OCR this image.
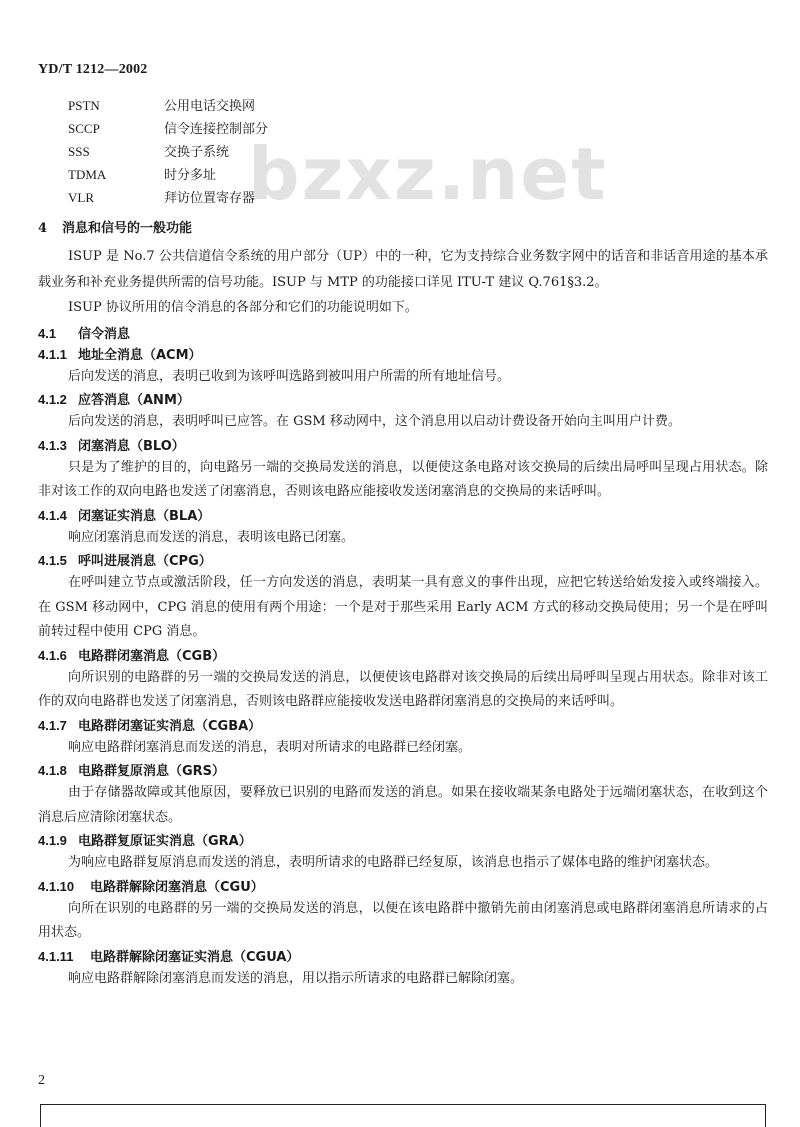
YD/T 1212—2002
PSTN	公用电话交换网
SCCP	信令连接控制部分
SSS	交换子系统
TDMA	时分多址
VLR	拜访位置寄存器
bzxz.net
4 消息和信号的一般功能
ISUP 是 No.7 公共信道信令系统的用户部分（UP）中的一种，它为支持综合业务数字网中的话音和非话音用途的基本承载业务和补充业务提供所需的信号功能。ISUP 与 MTP 的功能接口详见 ITU-T 建议 Q.761§3.2。
ISUP 协议所用的信令消息的各部分和它们的功能说明如下。
4.1 信令消息
4.1.1 地址全消息（ACM）
后向发送的消息，表明已收到为该呼叫选路到被叫用户所需的所有地址信号。
4.1.2 应答消息（ANM）
后向发送的消息，表明呼叫已应答。在 GSM 移动网中，这个消息用以启动计费设备开始向主叫用户计费。
4.1.3 闭塞消息（BLO）
只是为了维护的目的，向电路另一端的交换局发送的消息，以便使这条电路对该交换局的后续出局呼叫呈现占用状态。除非对该工作的双向电路也发送了闭塞消息，否则该电路应能接收发送闭塞消息的交换局的来话呼叫。
4.1.4 闭塞证实消息（BLA）
响应闭塞消息而发送的消息，表明该电路已闭塞。
4.1.5 呼叫进展消息（CPG）
在呼叫建立节点或激活阶段，任一方向发送的消息，表明某一具有意义的事件出现，应把它转送给始发接入或终端接入。在 GSM 移动网中，CPG 消息的使用有两个用途：一个是对于那些采用 Early ACM 方式的移动交换局使用；另一个是在呼叫前转过程中使用 CPG 消息。
4.1.6 电路群闭塞消息（CGB）
向所识别的电路群的另一端的交换局发送的消息，以便使该电路群对该交换局的后续出局呼叫呈现占用状态。除非对该工作的双向电路群也发送了闭塞消息，否则该电路群应能接收发送电路群闭塞消息的交换局的来话呼叫。
4.1.7 电路群闭塞证实消息（CGBA）
响应电路群闭塞消息而发送的消息，表明对所请求的电路群已经闭塞。
4.1.8 电路群复原消息（GRS）
由于存储器故障或其他原因，要释放已识别的电路而发送的消息。如果在接收端某条电路处于远端闭塞状态，在收到这个消息后应清除闭塞状态。
4.1.9 电路群复原证实消息（GRA）
为响应电路群复原消息而发送的消息，表明所请求的电路群已经复原，该消息也指示了媒体电路的维护闭塞状态。
4.1.10 电路群解除闭塞消息（CGU）
向所在识别的电路群的另一端的交换局发送的消息，以便在该电路群中撤销先前由闭塞消息或电路群闭塞消息所请求的占用状态。
4.1.11 电路群解除闭塞证实消息（CGUA）
响应电路群解除闭塞消息而发送的消息，用以指示所请求的电路群已解除闭塞。
2
